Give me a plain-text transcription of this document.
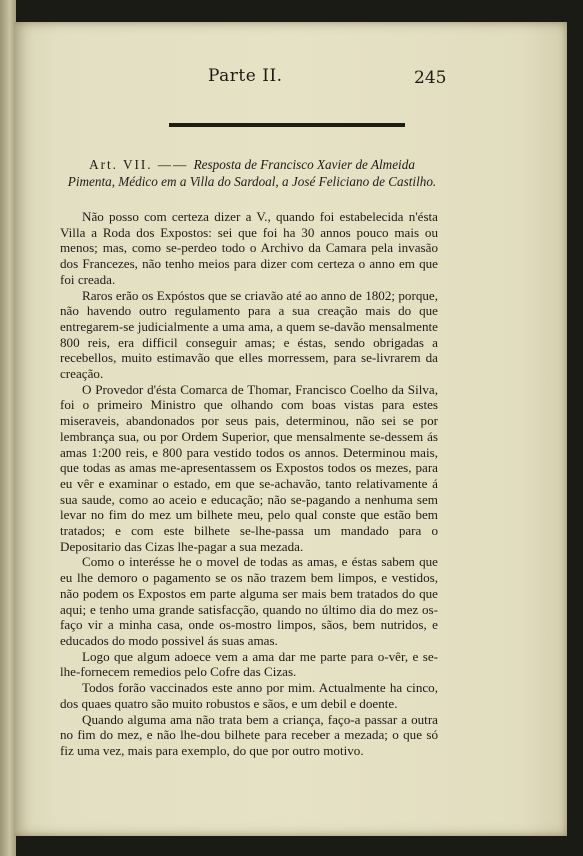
Parte II.	245
Art. VII. —— Resposta de Francisco Xavier de Almeida Pimenta, Médico em a Villa do Sardoal, a José Feliciano de Castilho.

Não posso com certeza dizer a V., quando foi estabelecida n'ésta Villa a Roda dos Expostos: sei que foi ha 30 annos pouco mais ou menos; mas, como se-perdeo todo o Archivo da Camara pela invasão dos Francezes, não tenho meios para dizer com certeza o anno em que foi creada.

Raros erão os Expóstos que se criavão até ao anno de 1802; porque, não havendo outro regulamento para a sua creação mais do que entregarem-se judicialmente a uma ama, a quem se-davão mensalmente 800 reis, era difficil conseguir amas; e éstas, sendo obrigadas a recebellos, muito estimavão que elles morressem, para se-livrarem da creação.

O Provedor d'ésta Comarca de Thomar, Francisco Coelho da Silva, foi o primeiro Ministro que olhando com boas vistas para estes miseraveis, abandonados por seus pais, determinou, não sei se por lembrança sua, ou por Ordem Superior, que mensalmente se-dessem ás amas 1:200 reis, e 800 para vestido todos os annos. Determinou mais, que todas as amas me-apresentassem os Expostos todos os mezes, para eu vêr e examinar o estado, em que se-achavão, tanto relativamente á sua saude, como ao aceio e educação; não se-pagando a nenhuma sem levar no fim do mez um bilhete meu, pelo qual conste que estão bem tratados; e com este bilhete se-lhe-passa um mandado para o Depositario das Cizas lhe-pagar a sua mezada.

Como o interésse he o movel de todas as amas, e éstas sabem que eu lhe demoro o pagamento se os não trazem bem limpos, e vestidos, não podem os Expostos em parte alguma ser mais bem tratados do que aqui; e tenho uma grande satisfacção, quando no último dia do mez os-faço vir a minha casa, onde os-mostro limpos, sãos, bem nutridos, e educados do modo possivel ás suas amas.

Logo que algum adoece vem a ama dar me parte para o-vêr, e se-lhe-fornecem remedios pelo Cofre das Cizas.

Todos forão vaccinados este anno por mim. Actualmente ha cinco, dos quaes quatro são muito robustos e sãos, e um debil e doente.

Quando alguma ama não trata bem a criança, faço-a passar a outra no fim do mez, e não lhe-dou bilhete para receber a mezada; o que só fiz uma vez, mais para exemplo, do que por outro motivo.
